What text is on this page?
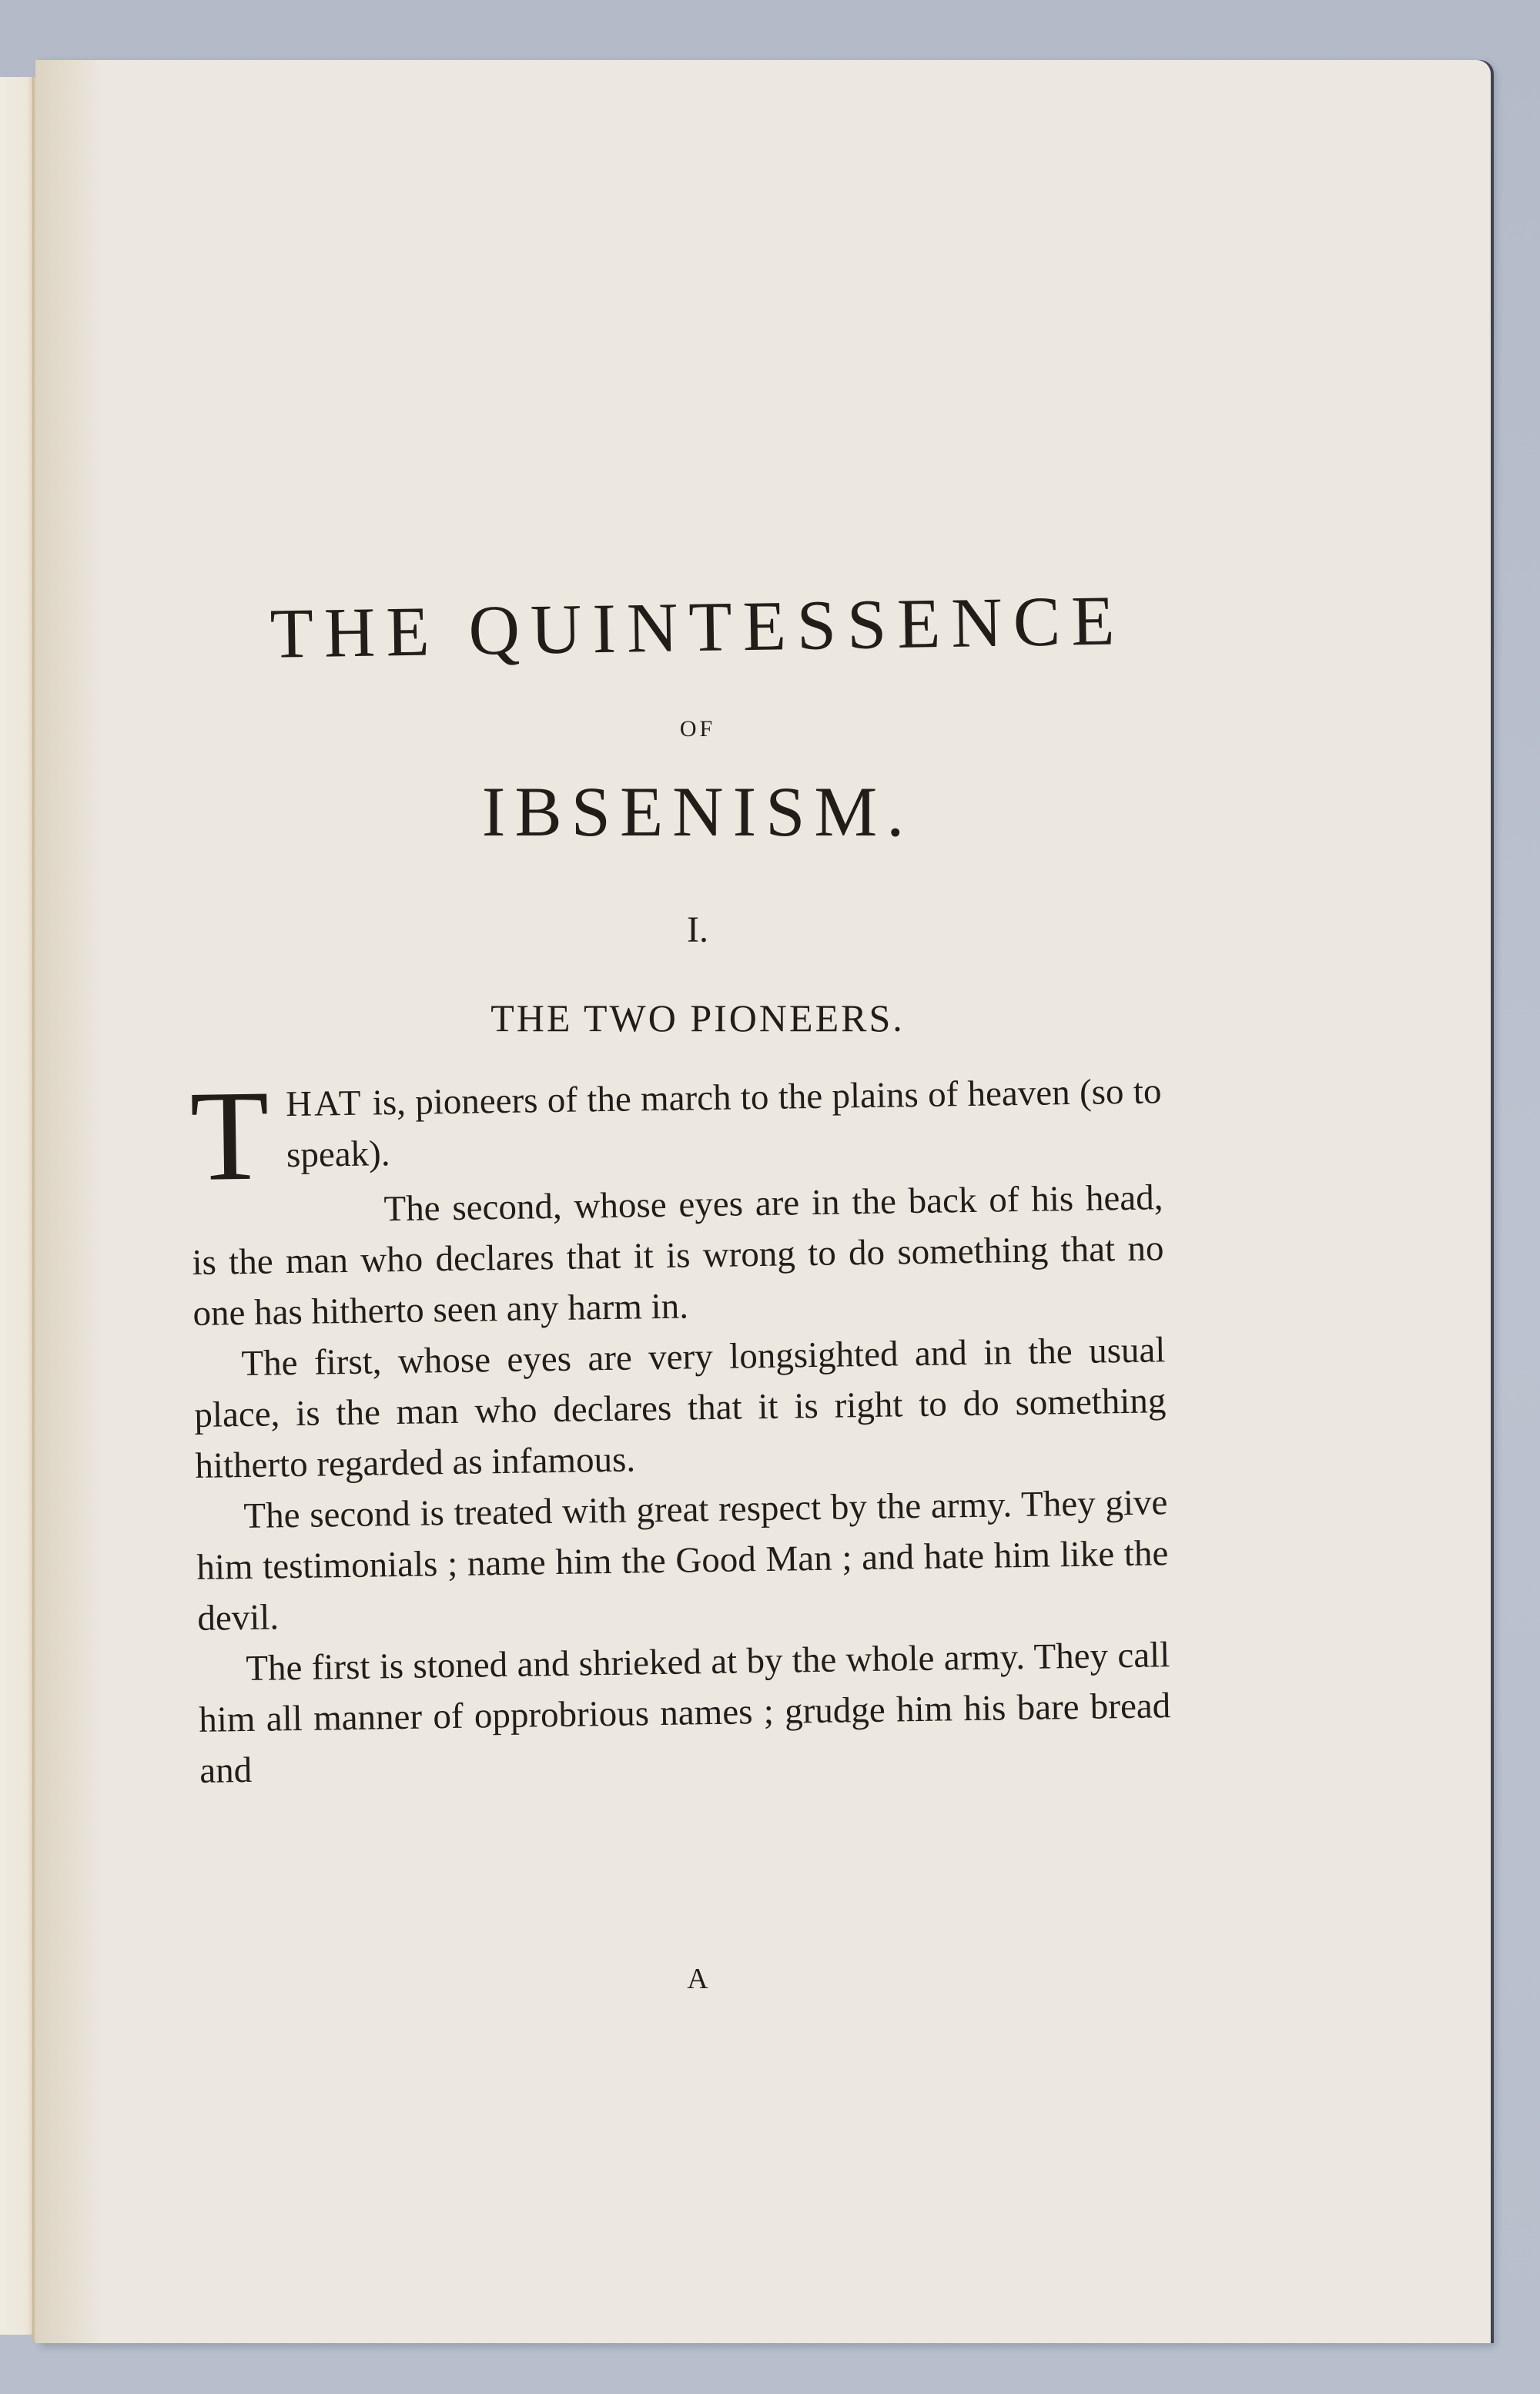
THE QUINTESSENCE
OF
IBSENISM.
I.
THE TWO PIONEERS.

THAT is, pioneers of the march to the plains of heaven (so to speak).

The second, whose eyes are in the back of his head, is the man who declares that it is wrong to do something that no one has hitherto seen any harm in.

The first, whose eyes are very longsighted and in the usual place, is the man who declares that it is right to do something hitherto regarded as infamous.

The second is treated with great respect by the army. They give him testimonials ; name him the Good Man ; and hate him like the devil.

The first is stoned and shrieked at by the whole army. They call him all manner of opprobrious names ; grudge him his bare bread and

A
